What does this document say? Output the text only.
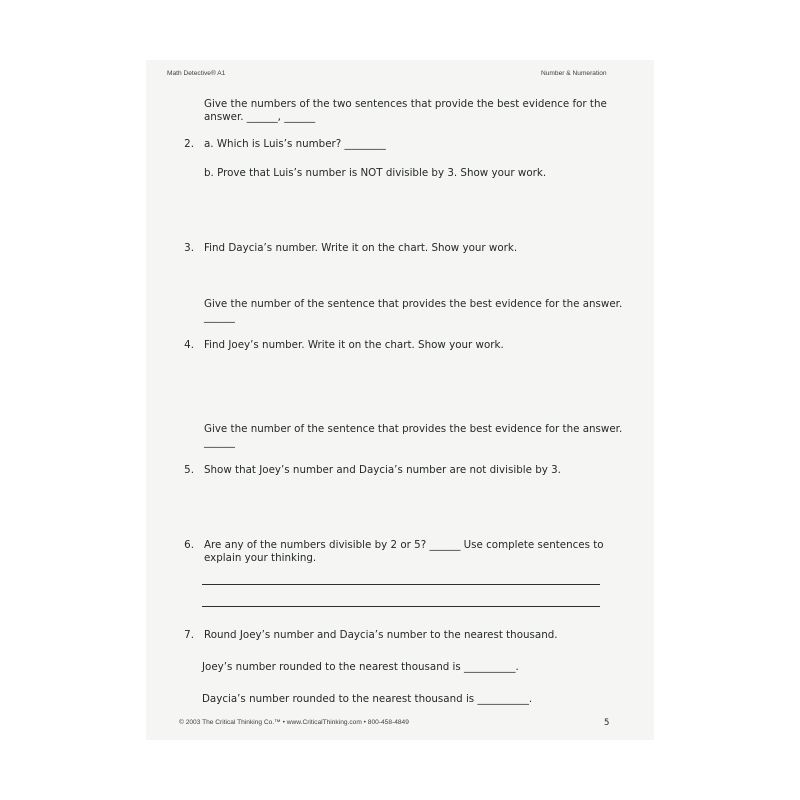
Math Detective® A1	Number & Numeration
Give the numbers of the two sentences that provide the best evidence for the
answer. ______, ______
2. a. Which is Luis’s number? ________
b. Prove that Luis’s number is NOT divisible by 3. Show your work.
3. Find Daycia’s number. Write it on the chart. Show your work.
Give the number of the sentence that provides the best evidence for the answer.
______
4. Find Joey’s number. Write it on the chart. Show your work.
Give the number of the sentence that provides the best evidence for the answer.
______
5. Show that Joey’s number and Daycia’s number are not divisible by 3.
6. Are any of the numbers divisible by 2 or 5? ______ Use complete sentences to
explain your thinking.
7. Round Joey’s number and Daycia’s number to the nearest thousand.
Joey’s number rounded to the nearest thousand is __________.
Daycia’s number rounded to the nearest thousand is __________.
© 2003 The Critical Thinking Co.™ • www.CriticalThinking.com • 800-458-4849	5
